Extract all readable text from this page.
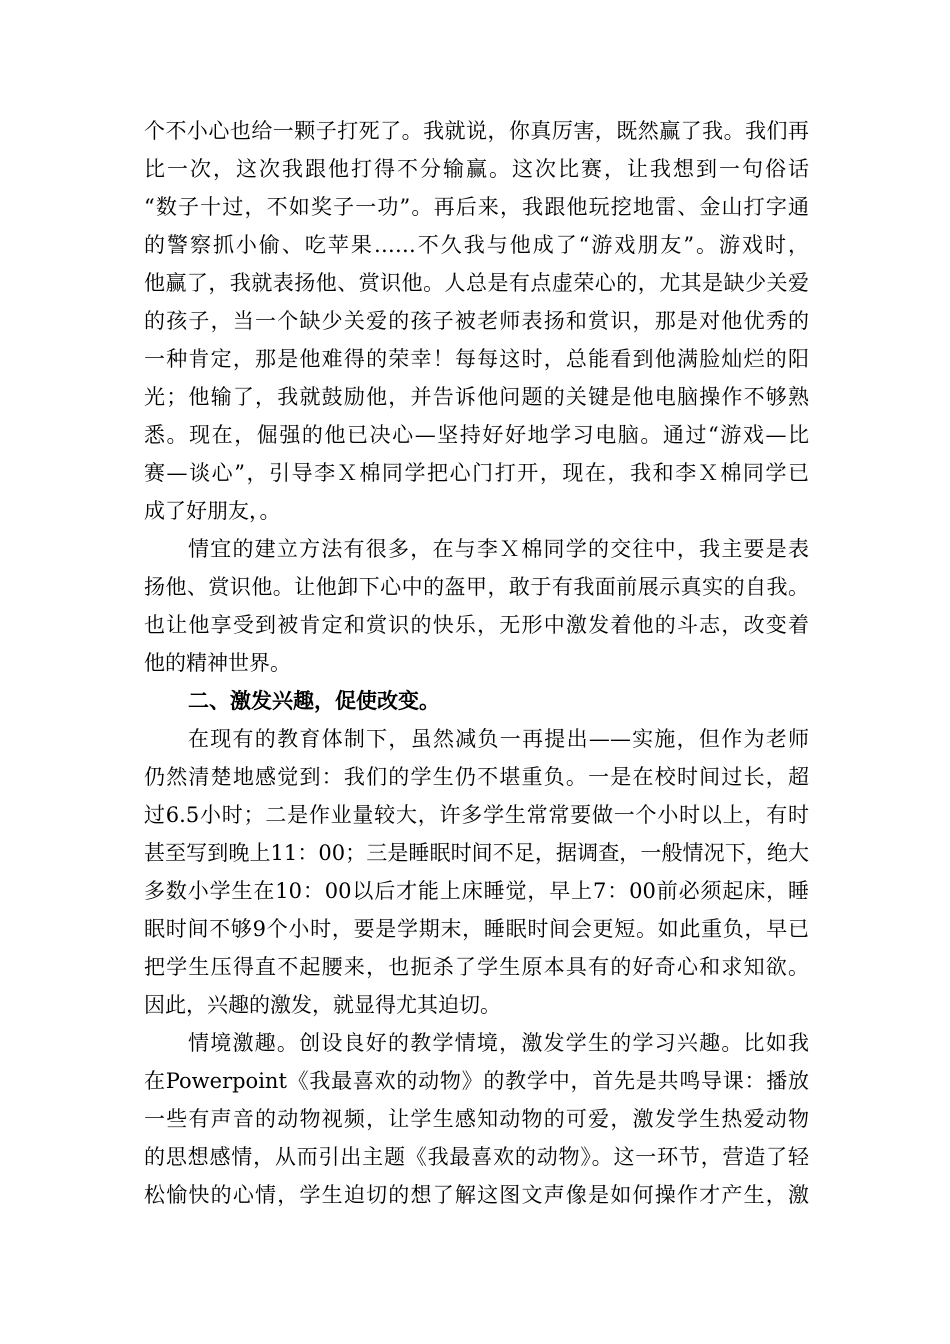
个不小心也给一颗子打死了。我就说，你真厉害，既然赢了我。我们再
比一次，这次我跟他打得不分输赢。这次比赛，让我想到一句俗话
“数子十过，不如奖子一功”。再后来，我跟他玩挖地雷、金山打字通
的警察抓小偷、吃苹果……不久我与他成了“游戏朋友”。游戏时，
他赢了，我就表扬他、赏识他。人总是有点虚荣心的，尤其是缺少关爱
的孩子，当一个缺少关爱的孩子被老师表扬和赏识，那是对他优秀的
一种肯定，那是他难得的荣幸！每每这时，总能看到他满脸灿烂的阳
光；他输了，我就鼓励他，并告诉他问题的关键是他电脑操作不够熟
悉。现在，倔强的他已决心—坚持好好地学习电脑。通过“游戏—比
赛—谈心”，引导李Ｘ棉同学把心门打开，现在，我和李Ｘ棉同学已
成了好朋友，。
情宜的建立方法有很多，在与李Ｘ棉同学的交往中，我主要是表
扬他、赏识他。让他卸下心中的盔甲，敢于有我面前展示真实的自我。
也让他享受到被肯定和赏识的快乐，无形中激发着他的斗志，改变着
他的精神世界。
二、激发兴趣，促使改变。
在现有的教育体制下，虽然减负一再提出——实施，但作为老师
仍然清楚地感觉到：我们的学生仍不堪重负。一是在校时间过长，超
过6.5小时；二是作业量较大，许多学生常常要做一个小时以上，有时
甚至写到晚上11：00；三是睡眠时间不足，据调查，一般情况下，绝大
多数小学生在10：00以后才能上床睡觉，早上7：00前必须起床，睡
眠时间不够9个小时，要是学期末，睡眠时间会更短。如此重负，早已
把学生压得直不起腰来，也扼杀了学生原本具有的好奇心和求知欲。
因此，兴趣的激发，就显得尤其迫切。
情境激趣。创设良好的教学情境，激发学生的学习兴趣。比如我
在Powerpoint《我最喜欢的动物》的教学中，首先是共鸣导课：播放
一些有声音的动物视频，让学生感知动物的可爱，激发学生热爱动物
的思想感情，从而引出主题《我最喜欢的动物》。这一环节，营造了轻
松愉快的心情，学生迫切的想了解这图文声像是如何操作才产生，激
